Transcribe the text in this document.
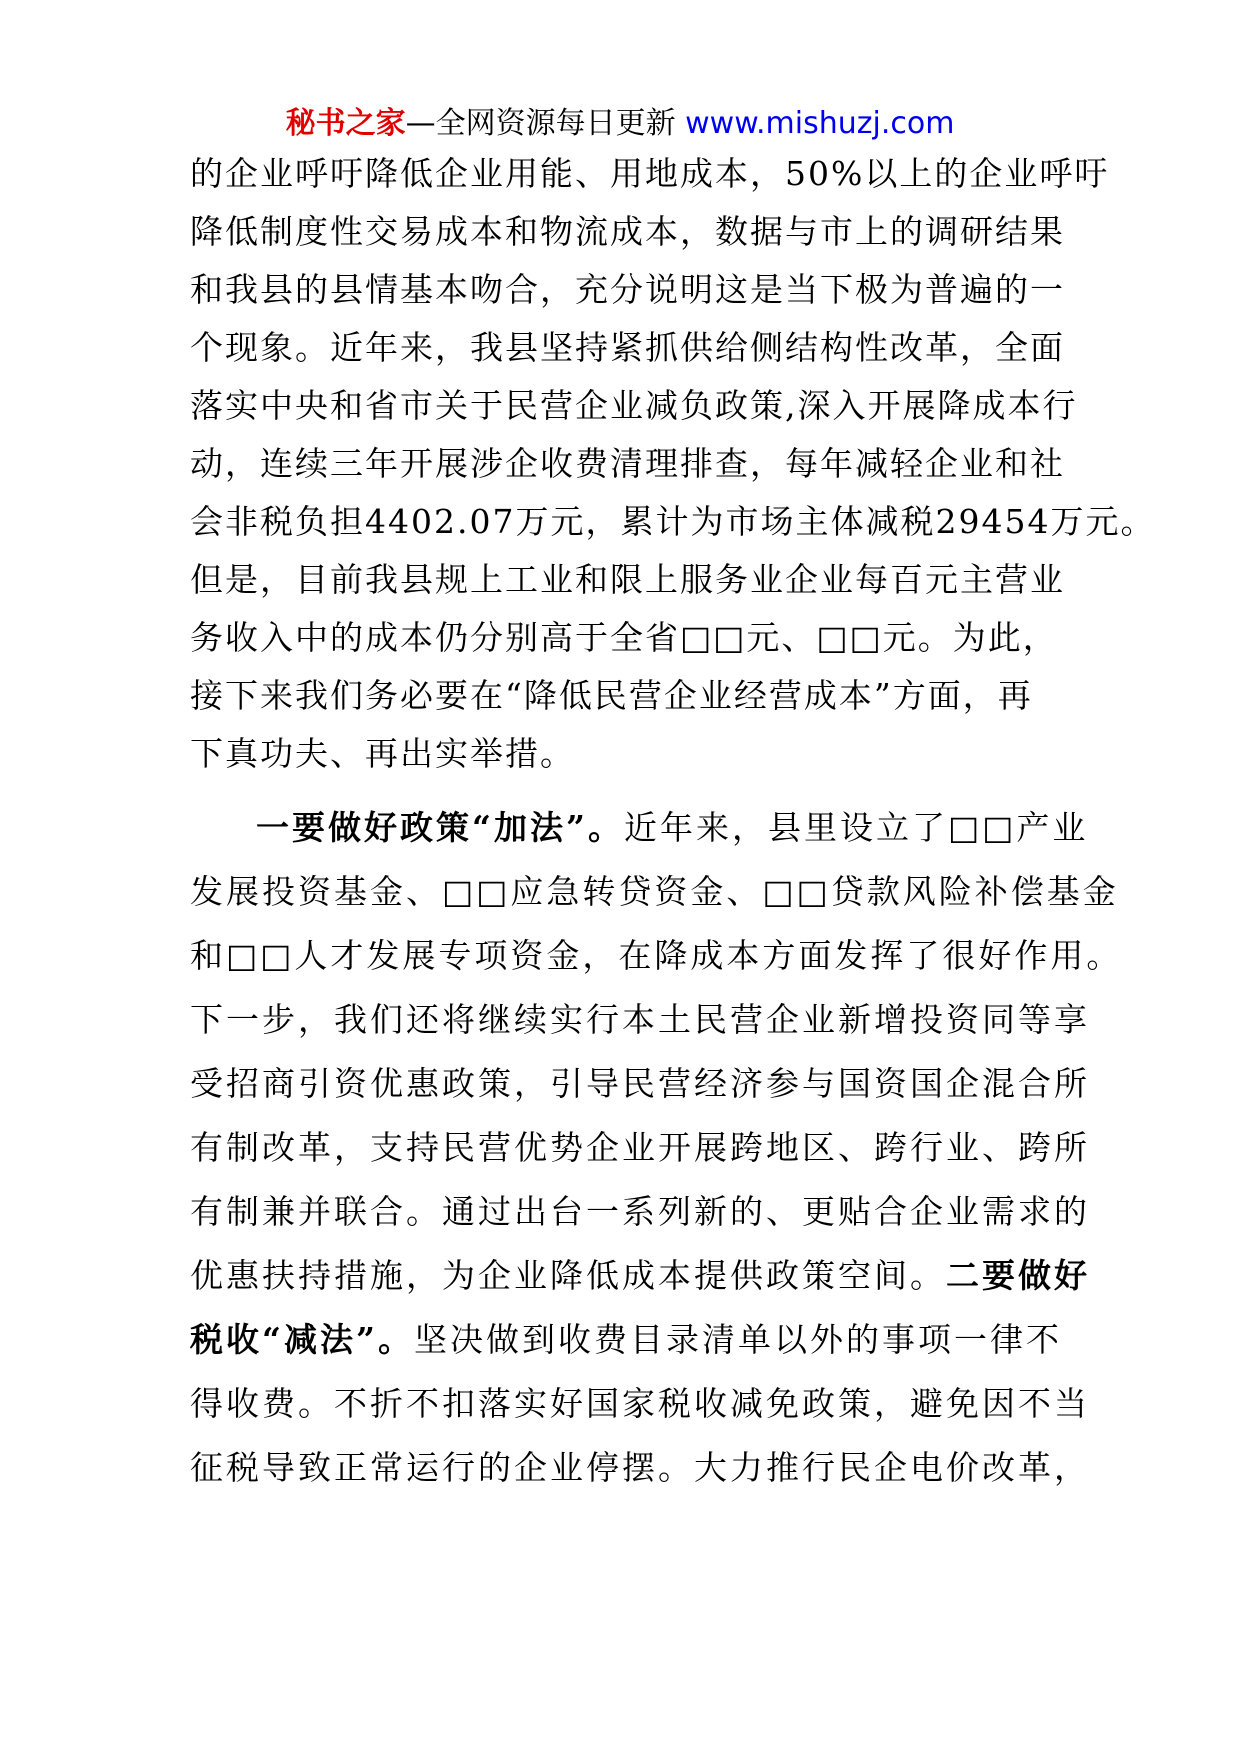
秘书之家—全网资源每日更新 www.mishuzj.com
的企业呼吁降低企业用能、用地成本，50%以上的企业呼吁
降低制度性交易成本和物流成本，数据与市上的调研结果
和我县的县情基本吻合，充分说明这是当下极为普遍的一
个现象。近年来，我县坚持紧抓供给侧结构性改革，全面
落实中央和省市关于民营企业减负政策,深入开展降成本行
动，连续三年开展涉企收费清理排查，每年减轻企业和社
会非税负担4402.07万元，累计为市场主体减税29454万元。
但是，目前我县规上工业和限上服务业企业每百元主营业
务收入中的成本仍分别高于全省□□元、□□元。为此，
接下来我们务必要在“降低民营企业经营成本”方面，再
下真功夫、再出实举措。
一要做好政策“加法”。近年来，县里设立了□□产业
发展投资基金、□□应急转贷资金、□□贷款风险补偿基金
和□□人才发展专项资金，在降成本方面发挥了很好作用。
下一步，我们还将继续实行本土民营企业新增投资同等享
受招商引资优惠政策，引导民营经济参与国资国企混合所
有制改革，支持民营优势企业开展跨地区、跨行业、跨所
有制兼并联合。通过出台一系列新的、更贴合企业需求的
优惠扶持措施，为企业降低成本提供政策空间。二要做好
税收“减法”。坚决做到收费目录清单以外的事项一律不
得收费。不折不扣落实好国家税收减免政策，避免因不当
征税导致正常运行的企业停摆。大力推行民企电价改革，
